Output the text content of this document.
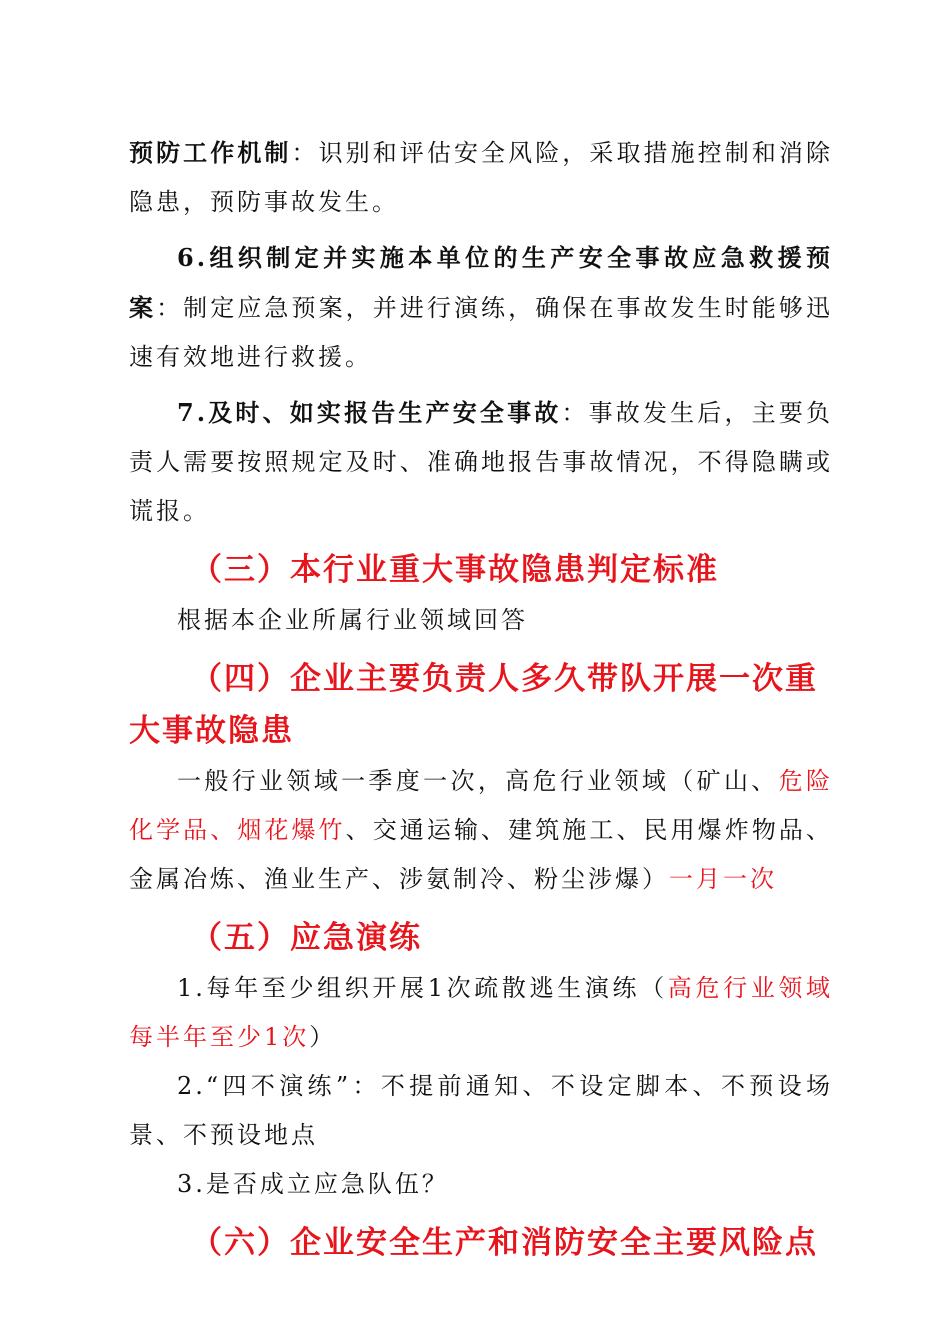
预防工作机制：识别和评估安全风险，采取措施控制和消除隐患，预防事故发生。

6.组织制定并实施本单位的生产安全事故应急救援预案：制定应急预案，并进行演练，确保在事故发生时能够迅速有效地进行救援。

7.及时、如实报告生产安全事故：事故发生后，主要负责人需要按照规定及时、准确地报告事故情况，不得隐瞒或谎报。

（三）本行业重大事故隐患判定标准

根据本企业所属行业领域回答

（四）企业主要负责人多久带队开展一次重大事故隐患

一般行业领域一季度一次，高危行业领域（矿山、危险化学品、烟花爆竹、交通运输、建筑施工、民用爆炸物品、金属冶炼、渔业生产、涉氨制冷、粉尘涉爆）一月一次

（五）应急演练

1.每年至少组织开展1次疏散逃生演练（高危行业领域每半年至少1次）

2.“四不演练”：不提前通知、不设定脚本、不预设场景、不预设地点

3.是否成立应急队伍？

（六）企业安全生产和消防安全主要风险点
